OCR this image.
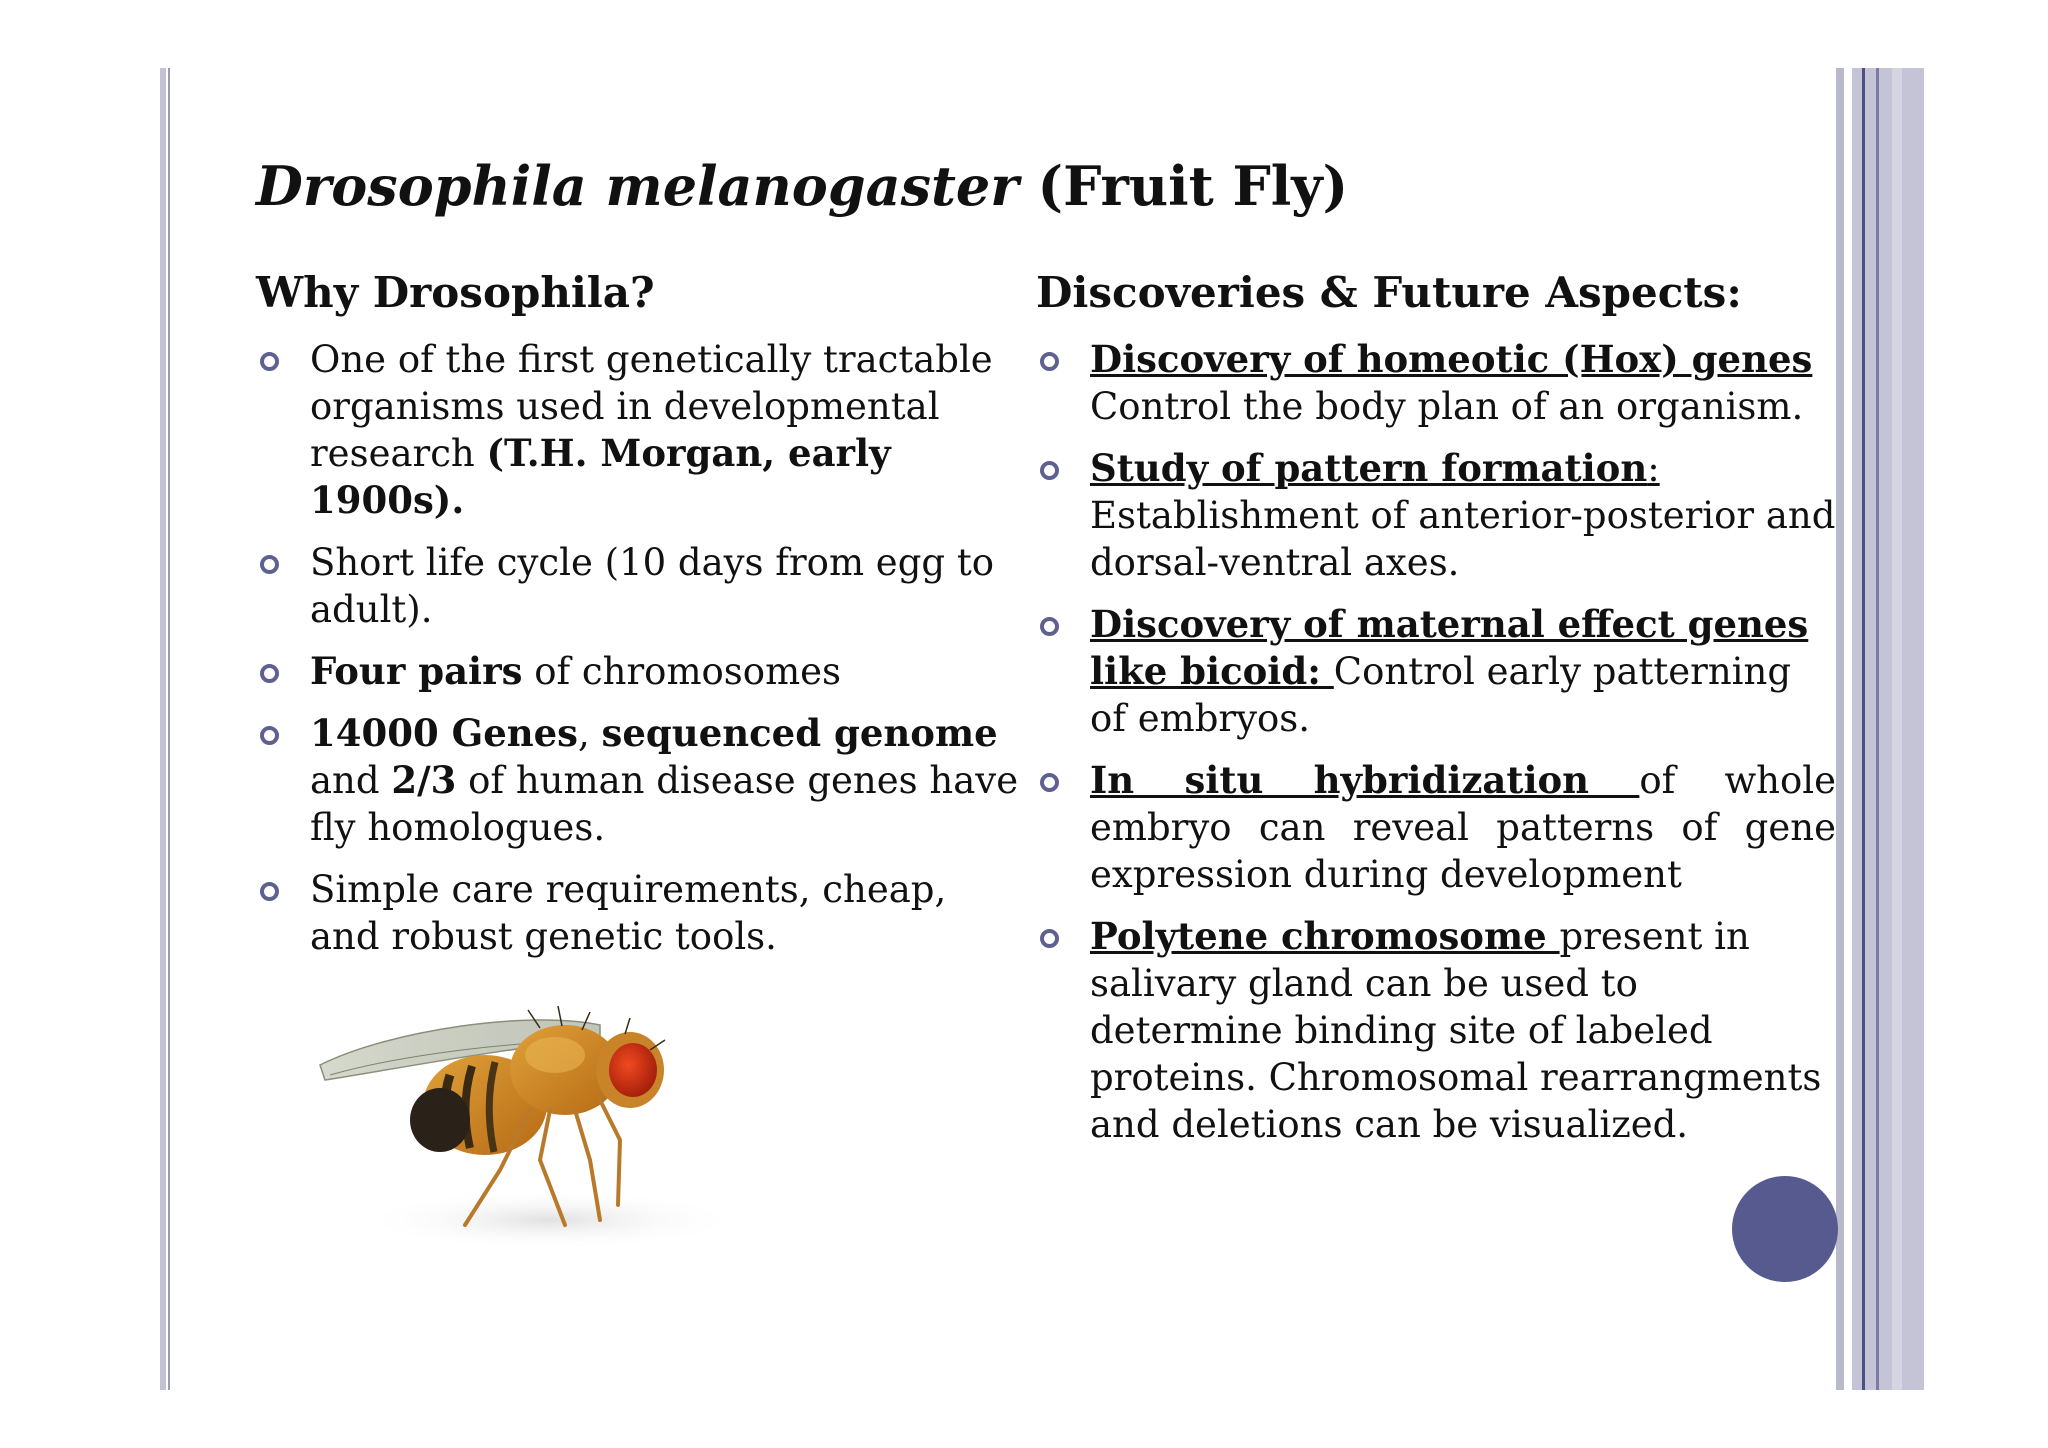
Drosophila melanogaster (Fruit Fly)
Why Drosophila?	Discoveries & Future Aspects:
One of the first genetically tractable organisms used in developmental research (T.H. Morgan, early 1900s).
Short life cycle (10 days from egg to adult).
Four pairs of chromosomes
14000 Genes, sequenced genome and 2/3 of human disease genes have fly homologues.
Simple care requirements, cheap, and robust genetic tools.
Discovery of homeotic (Hox) genes
Control the body plan of an organism.
Study of pattern formation:
Establishment of anterior-posterior and dorsal-ventral axes.
Discovery of maternal effect genes like bicoid: Control early patterning of embryos.
In situ hybridization of whole embryo can reveal patterns of gene expression during development
Polytene chromosome present in salivary gland can be used to determine binding site of labeled proteins. Chromosomal rearrangments and deletions can be visualized.
